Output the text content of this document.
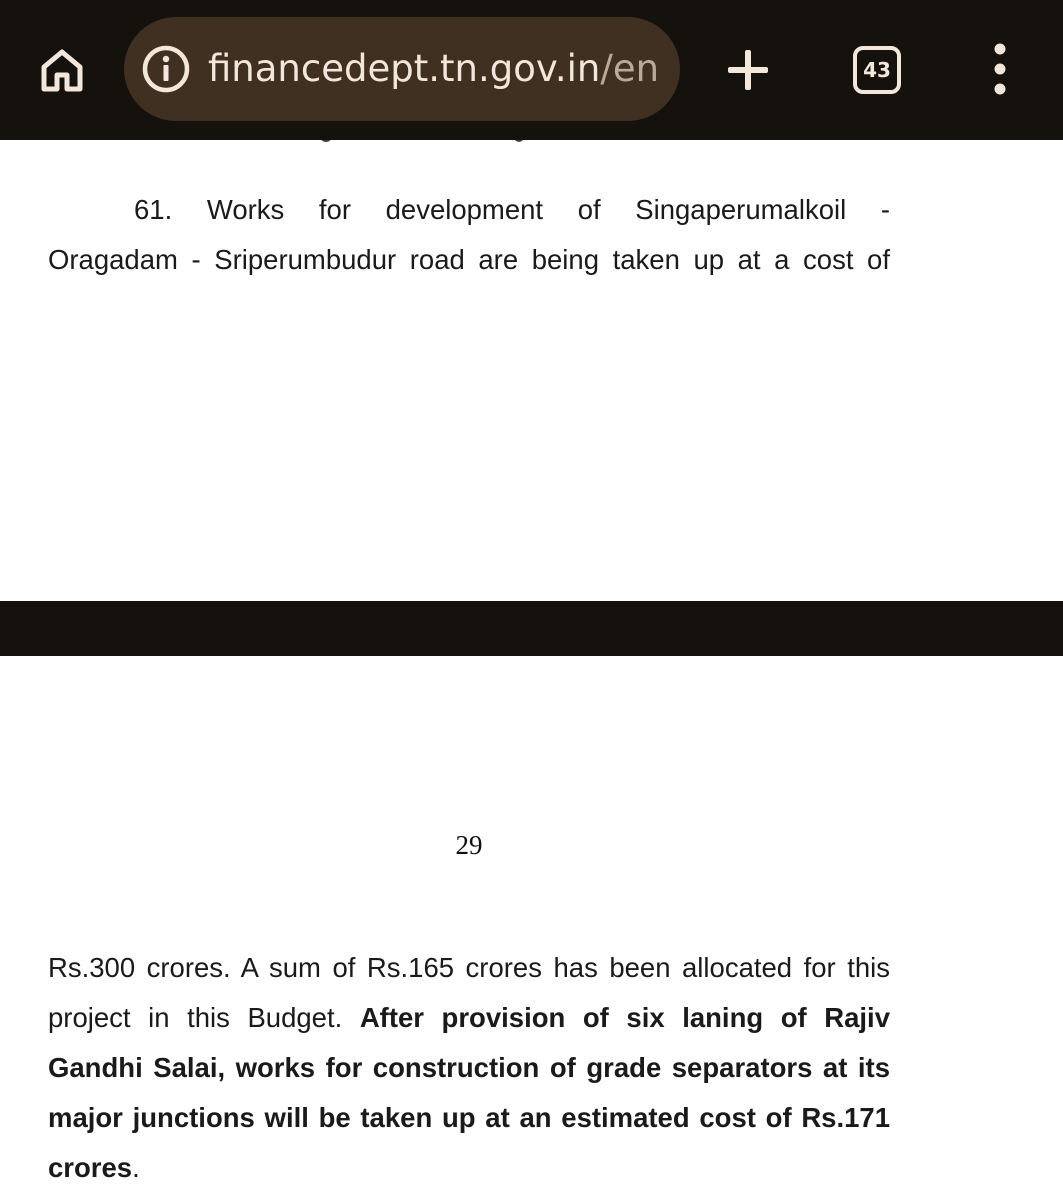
financedept.tn.gov.in/en	43

61. Works for development of Singaperumalkoil -

Oragadam - Sriperumbudur road are being taken up at a cost of

29

Rs.300 crores. A sum of Rs.165 crores has been allocated for this project in this Budget. After provision of six laning of Rajiv Gandhi Salai, works for construction of grade separators at its major junctions will be taken up at an estimated cost of Rs.171 crores.
